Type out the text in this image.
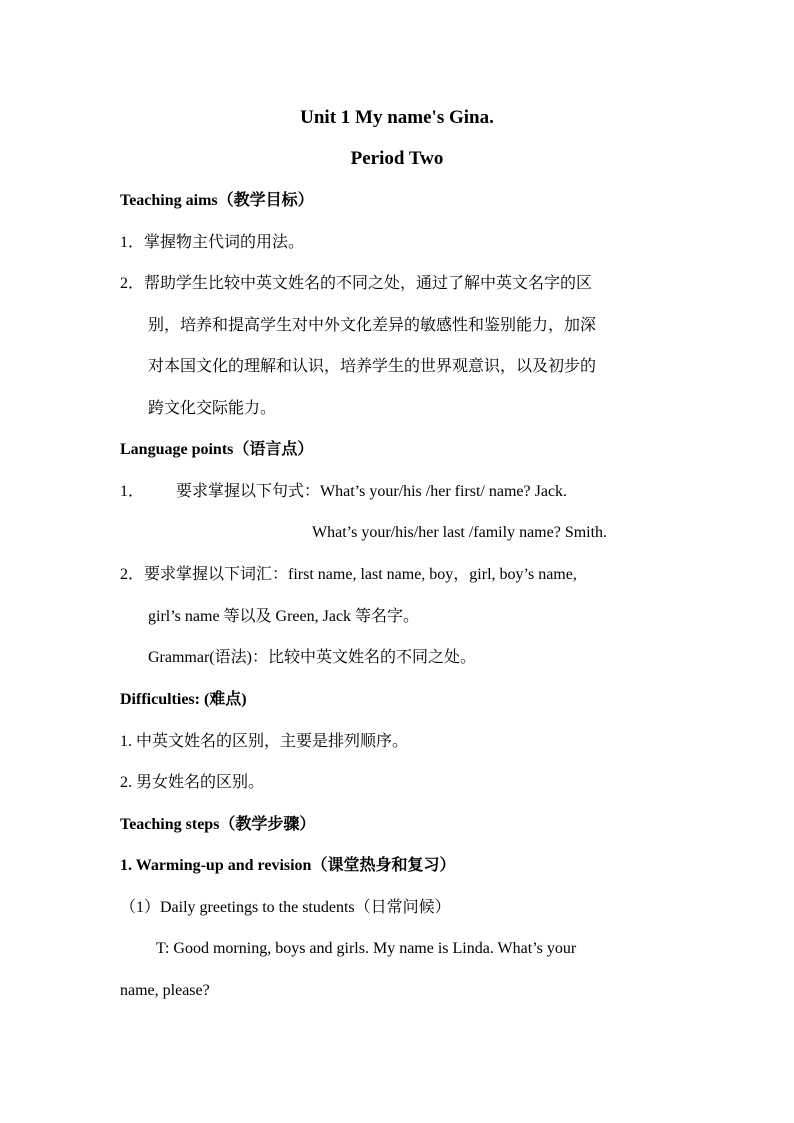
Unit 1 My name's Gina.
Period Two
Teaching aims（教学目标）
1．掌握物主代词的用法。
2．帮助学生比较中英文姓名的不同之处，通过了解中英文名字的区
别，培养和提高学生对中外文化差异的敏感性和鉴别能力，加深
对本国文化的理解和认识，培养学生的世界观意识，以及初步的
跨文化交际能力。
Language points（语言点）
1． 要求掌握以下句式：What’s your/his /her first/ name? Jack.
What’s your/his/her last /family name? Smith.
2．要求掌握以下词汇：first name, last name, boy，girl, boy’s name,
girl’s name 等以及 Green, Jack 等名字。
Grammar(语法)：比较中英文姓名的不同之处。
Difficulties: (难点)
1. 中英文姓名的区别，主要是排列顺序。
2. 男女姓名的区别。
Teaching steps（教学步骤）
1. Warming-up and revision（课堂热身和复习）
（1）Daily greetings to the students（日常问候）
T: Good morning, boys and girls. My name is Linda. What’s your
name, please?
